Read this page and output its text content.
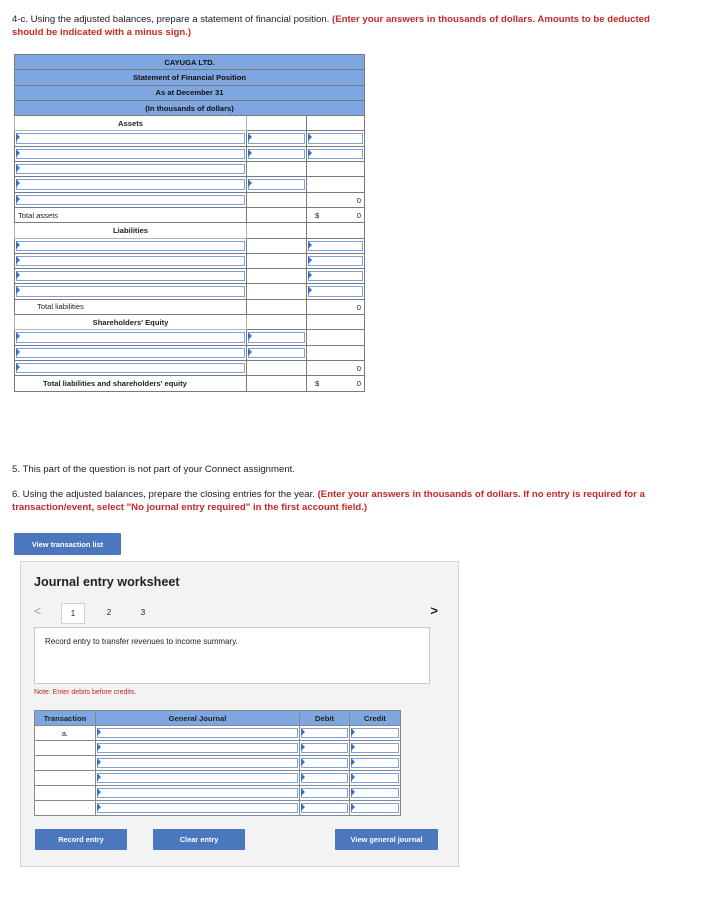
4-c. Using the adjusted balances, prepare a statement of financial position. (Enter your answers in thousands of dollars. Amounts to be deducted should be indicated with a minus sign.)
CAYUGA LTD.		
Statement of Financial Position		
As at December 31		
(In thousands of dollars)		
Assets		

		0

Total assets		$ 0

Liabilities		

Total liabilities		0

Shareholders' Equity		

		0

Total liabilities and shareholders' equity		$ 0
5. This part of the question is not part of your Connect assignment.
6. Using the adjusted balances, prepare the closing entries for the year. (Enter your answers in thousands of dollars. If no entry is required for a transaction/event, select "No journal entry required" in the first account field.)
View transaction list
Journal entry worksheet
<	1	2	3	>
Record entry to transfer revenues to income summary.
Note: Enter debits before credits.
Transaction	General Journal	Debit	Credit
a.	

Record entry	Clear entry	View general journal
